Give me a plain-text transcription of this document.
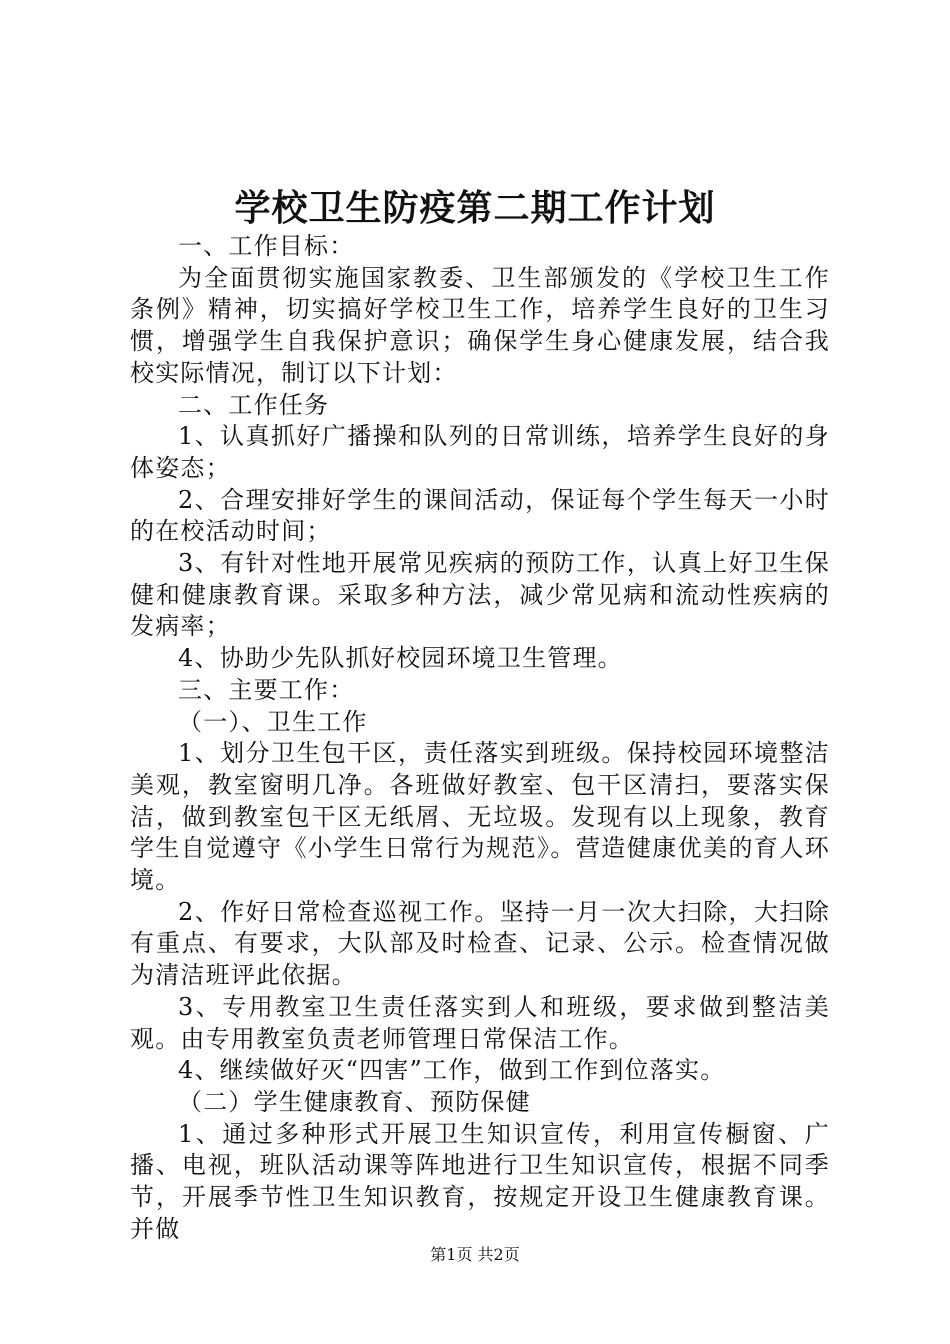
学校卫生防疫第二期工作计划

一、工作目标：

为全面贯彻实施国家教委、卫生部颁发的《学校卫生工作条例》精神，切实搞好学校卫生工作，培养学生良好的卫生习惯，增强学生自我保护意识；确保学生身心健康发展，结合我校实际情况，制订以下计划：

二、工作任务

1、认真抓好广播操和队列的日常训练，培养学生良好的身体姿态；

2、合理安排好学生的课间活动，保证每个学生每天一小时的在校活动时间；

3、有针对性地开展常见疾病的预防工作，认真上好卫生保健和健康教育课。采取多种方法，减少常见病和流动性疾病的发病率；

4、协助少先队抓好校园环境卫生管理。

三、主要工作：

（一）、卫生工作

1、划分卫生包干区，责任落实到班级。保持校园环境整洁美观，教室窗明几净。各班做好教室、包干区清扫，要落实保洁，做到教室包干区无纸屑、无垃圾。发现有以上现象，教育学生自觉遵守《小学生日常行为规范》。营造健康优美的育人环境。

2、作好日常检查巡视工作。坚持一月一次大扫除，大扫除有重点、有要求，大队部及时检查、记录、公示。检查情况做为清洁班评此依据。

3、专用教室卫生责任落实到人和班级，要求做到整洁美观。由专用教室负责老师管理日常保洁工作。

4、继续做好灭“四害”工作，做到工作到位落实。

（二）学生健康教育、预防保健

1、通过多种形式开展卫生知识宣传，利用宣传橱窗、广播、电视，班队活动课等阵地进行卫生知识宣传，根据不同季节，开展季节性卫生知识教育，按规定开设卫生健康教育课。并做

第1页 共2页
